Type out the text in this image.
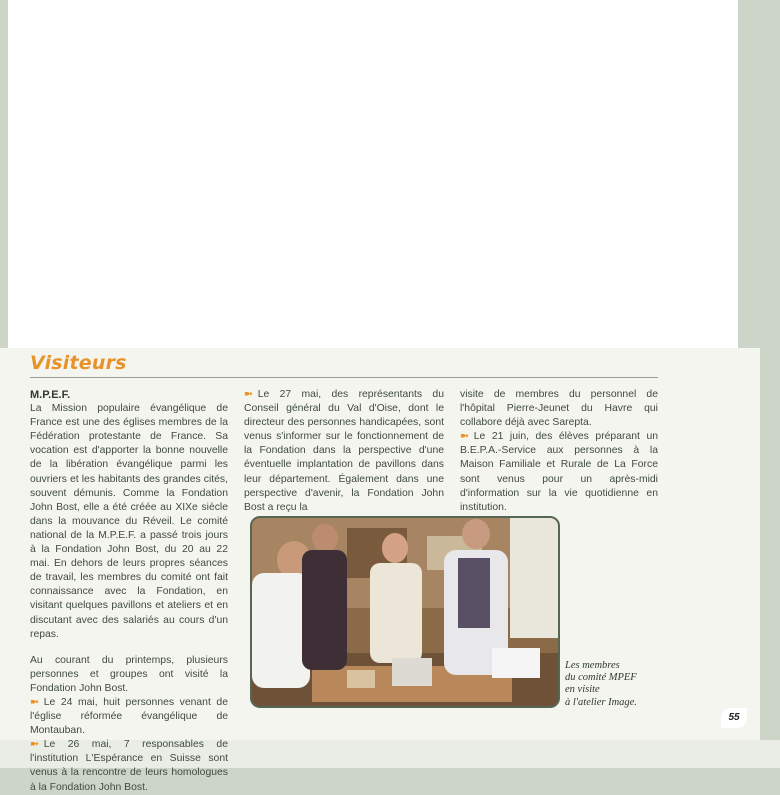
Visiteurs

M.P.E.F.

La Mission populaire évangélique de France est une des églises membres de la Fédération protestante de France. Sa vocation est d'apporter la bonne nouvelle de la libération évangélique parmi les ouvriers et les habitants des grandes cités, souvent démunis. Comme la Fondation John Bost, elle a été créée au XIXe siècle dans la mouvance du Réveil. Le comité national de la M.P.E.F. a passé trois jours à la Fondation John Bost, du 20 au 22 mai. En dehors de leurs propres séances de travail, les membres du comité ont fait connaissance avec la Fondation, en visitant quelques pavillons et ateliers et en discutant avec des salariés au cours d'un repas.

Au courant du printemps, plusieurs personnes et groupes ont visité la Fondation John Bost.

➼ Le 24 mai, huit personnes venant de l'église réformée évangélique de Montauban.

➼ Le 26 mai, 7 responsables de l'institution L'Espérance en Suisse sont venus à la rencontre de leurs homologues à la Fondation John Bost.

➼ Le 27 mai, des représentants du Conseil général du Val d'Oise, dont le directeur des personnes handicapées, sont venus s'informer sur le fonctionnement de la Fondation dans la perspective d'une éventuelle implantation de pavillons dans leur département. Également dans une perspective d'avenir, la Fondation John Bost a reçu la

visite de membres du personnel de l'hôpital Pierre-Jeunet du Havre qui collabore déjà avec Sarepta.

➼ Le 21 juin, des élèves préparant un B.E.P.A.-Service aux personnes à la Maison Familiale et Rurale de La Force sont venus pour un après-midi d'information sur la vie quotidienne en institution.

Les membres
du comité MPEF
en visite
à l'atelier Image.
55
